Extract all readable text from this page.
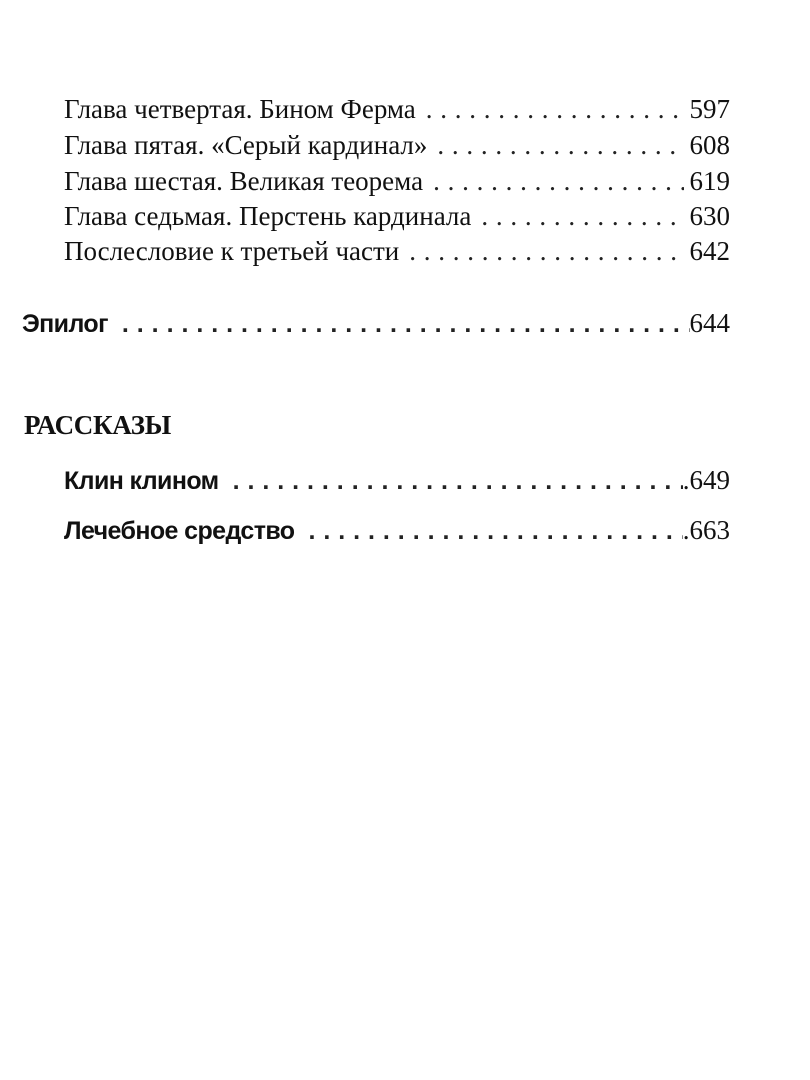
Глава четвертая. Бином Ферма . . .	597
Глава пятая. «Серый кардинал» . . .	608
Глава шестая. Великая теорема . . .	619
Глава седьмая. Перстень кардинала . . .	630
Послесловие к третьей части . . .	642
Эпилог . . .	644
РАССКАЗЫ
Клин клином . . .	.649
Лечебное средство . . .	.663
